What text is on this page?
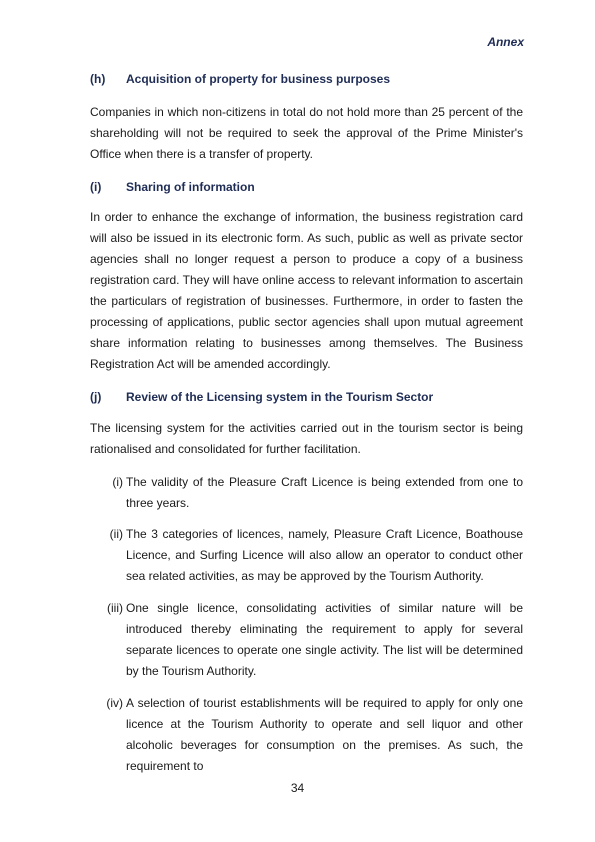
Annex
(h) Acquisition of property for business purposes
Companies in which non-citizens in total do not hold more than 25 percent of the shareholding will not be required to seek the approval of the Prime Minister's Office when there is a transfer of property.
(i) Sharing of information
In order to enhance the exchange of information, the business registration card will also be issued in its electronic form. As such, public as well as private sector agencies shall no longer request a person to produce a copy of a business registration card. They will have online access to relevant information to ascertain the particulars of registration of businesses. Furthermore, in order to fasten the processing of applications, public sector agencies shall upon mutual agreement share information relating to businesses among themselves. The Business Registration Act will be amended accordingly.
(j) Review of the Licensing system in the Tourism Sector
The licensing system for the activities carried out in the tourism sector is being rationalised and consolidated for further facilitation.
(i) The validity of the Pleasure Craft Licence is being extended from one to three years.
(ii) The 3 categories of licences, namely, Pleasure Craft Licence, Boathouse Licence, and Surfing Licence will also allow an operator to conduct other sea related activities, as may be approved by the Tourism Authority.
(iii) One single licence, consolidating activities of similar nature will be introduced thereby eliminating the requirement to apply for several separate licences to operate one single activity. The list will be determined by the Tourism Authority.
(iv) A selection of tourist establishments will be required to apply for only one licence at the Tourism Authority to operate and sell liquor and other alcoholic beverages for consumption on the premises. As such, the requirement to
34
